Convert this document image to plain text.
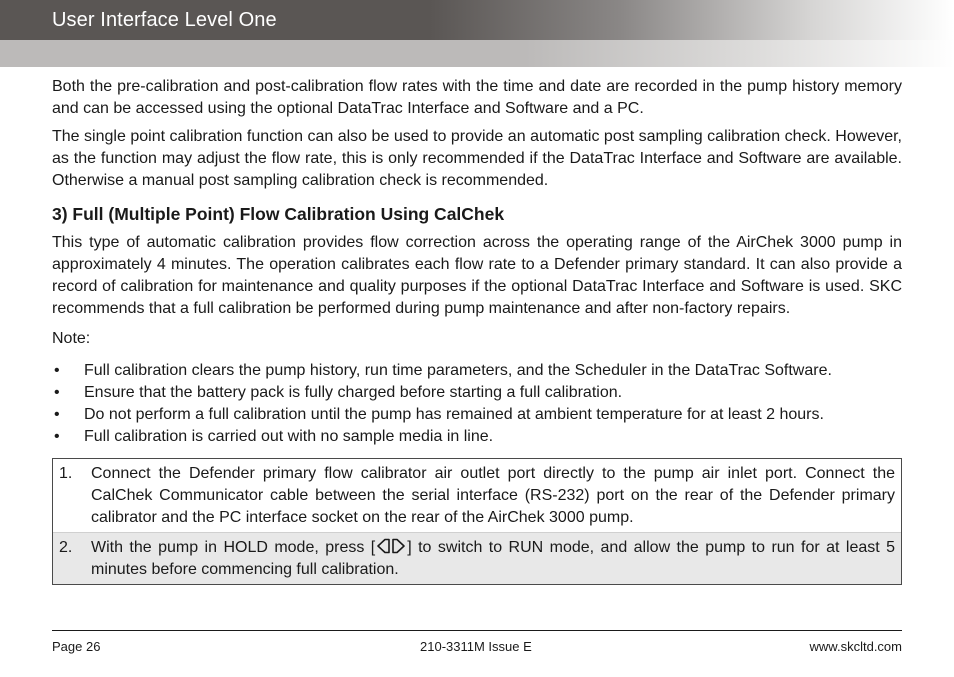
User Interface Level One

Both the pre-calibration and post-calibration flow rates with the time and date are recorded in the pump history memory and can be accessed using the optional DataTrac Interface and Software and a PC.

The single point calibration function can also be used to provide an automatic post sampling calibration check. However, as the function may adjust the flow rate, this is only recommended if the DataTrac Interface and Software are available. Otherwise a manual post sampling calibration check is recommended.

3) Full (Multiple Point) Flow Calibration Using CalChek

This type of automatic calibration provides flow correction across the operating range of the AirChek 3000 pump in approximately 4 minutes. The operation calibrates each flow rate to a Defender primary standard. It can also provide a record of calibration for maintenance and quality purposes if the optional DataTrac Interface and Software is used. SKC recommends that a full calibration be performed during pump maintenance and after non-factory repairs.

Note:

• Full calibration clears the pump history, run time parameters, and the Scheduler in the DataTrac Software.
• Ensure that the battery pack is fully charged before starting a full calibration.
• Do not perform a full calibration until the pump has remained at ambient temperature for at least 2 hours.
• Full calibration is carried out with no sample media in line.
1.	Connect the Defender primary flow calibrator air outlet port directly to the pump air inlet port. Connect the CalChek Communicator cable between the serial interface (RS-232) port on the rear of the Defender primary calibrator and the PC interface socket on the rear of the AirChek 3000 pump.
2.	With the pump in HOLD mode, press [ ] to switch to RUN mode, and allow the pump to run for at least 5 minutes before commencing full calibration.
Page 26	210-3311M Issue E	www.skcltd.com
